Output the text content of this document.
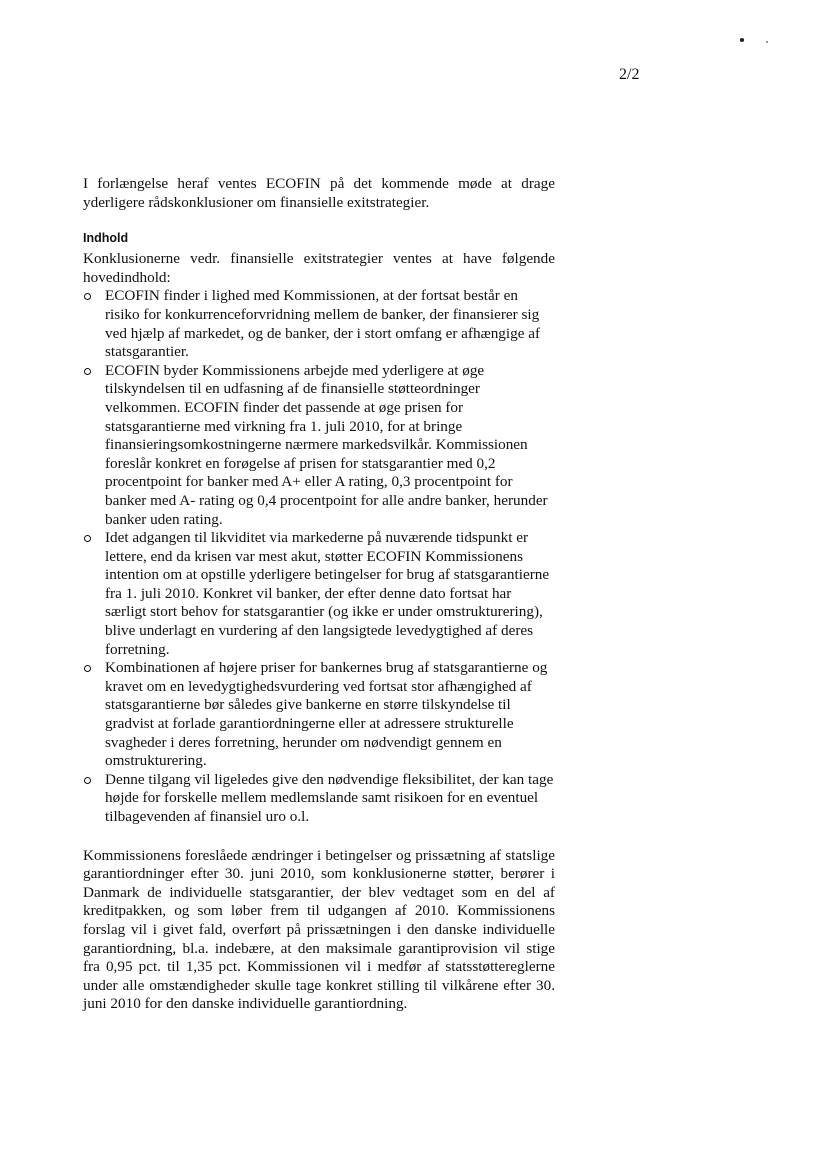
2/2

I forlængelse heraf ventes ECOFIN på det kommende møde at drage yderligere rådskonklusioner om finansielle exitstrategier.

Indhold

Konklusionerne vedr. finansielle exitstrategier ventes at have følgende hovedindhold:

ECOFIN finder i lighed med Kommissionen, at der fortsat består en risiko for konkurrenceforvridning mellem de banker, der finansierer sig ved hjælp af markedet, og de banker, der i stort omfang er afhængige af statsgarantier.
ECOFIN byder Kommissionens arbejde med yderligere at øge tilskyndelsen til en udfasning af de finansielle støtteordninger velkommen. ECOFIN finder det passende at øge prisen for statsgarantierne med virkning fra 1. juli 2010, for at bringe finansieringsomkostningerne nærmere markedsvilkår. Kommissionen foreslår konkret en forøgelse af prisen for statsgarantier med 0,2 procentpoint for banker med A+ eller A rating, 0,3 procentpoint for banker med A- rating og 0,4 procentpoint for alle andre banker, herunder banker uden rating.
Idet adgangen til likviditet via markederne på nuværende tidspunkt er lettere, end da krisen var mest akut, støtter ECOFIN Kommissionens intention om at opstille yderligere betingelser for brug af statsgarantierne fra 1. juli 2010. Konkret vil banker, der efter denne dato fortsat har særligt stort behov for statsgarantier (og ikke er under omstrukturering), blive underlagt en vurdering af den langsigtede levedygtighed af deres forretning.
Kombinationen af højere priser for bankernes brug af statsgarantierne og kravet om en levedygtighedsvurdering ved fortsat stor afhængighed af statsgarantierne bør således give bankerne en større tilskyndelse til gradvist at forlade garantiordningerne eller at adressere strukturelle svagheder i deres forretning, herunder om nødvendigt gennem en omstrukturering.
Denne tilgang vil ligeledes give den nødvendige fleksibilitet, der kan tage højde for forskelle mellem medlemslande samt risikoen for en eventuel tilbagevenden af finansiel uro o.l.

Kommissionens foreslåede ændringer i betingelser og prissætning af statslige garantiordninger efter 30. juni 2010, som konklusionerne støtter, berører i Danmark de individuelle statsgarantier, der blev vedtaget som en del af kreditpakken, og som løber frem til udgangen af 2010. Kommissionens forslag vil i givet fald, overført på prissætningen i den danske individuelle garantiordning, bl.a. indebære, at den maksimale garantiprovision vil stige fra 0,95 pct. til 1,35 pct. Kommissionen vil i medfør af statsstøttereglerne under alle omstændigheder skulle tage konkret stilling til vilkårene efter 30. juni 2010 for den danske individuelle garantiordning.
